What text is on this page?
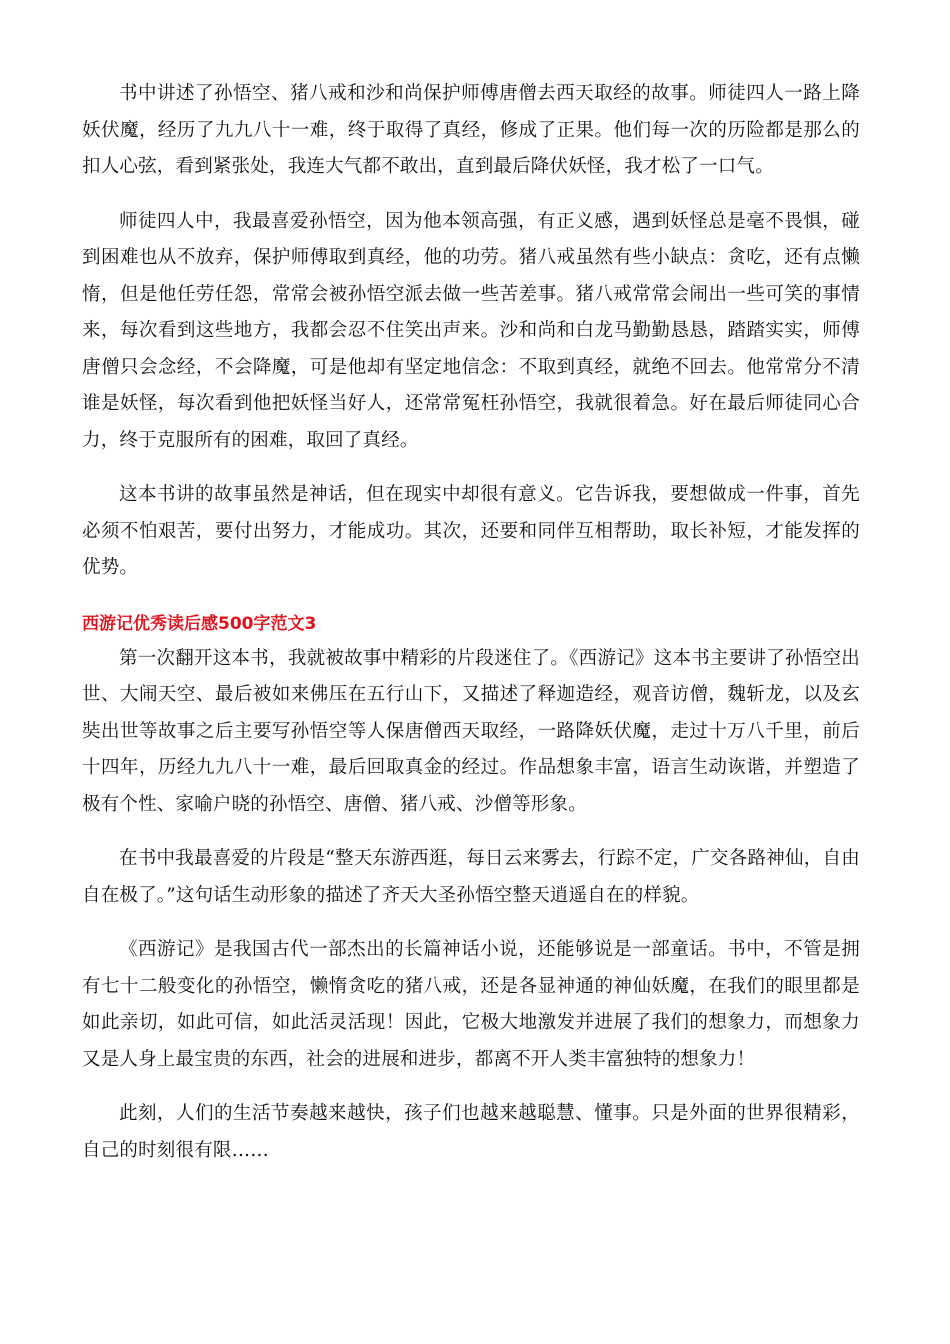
书中讲述了孙悟空、猪八戒和沙和尚保护师傅唐僧去西天取经的故事。师徒四人一路上降妖伏魔，经历了九九八十一难，终于取得了真经，修成了正果。他们每一次的历险都是那么的扣人心弦，看到紧张处，我连大气都不敢出，直到最后降伏妖怪，我才松了一口气。

师徒四人中，我最喜爱孙悟空，因为他本领高强，有正义感，遇到妖怪总是毫不畏惧，碰到困难也从不放弃，保护师傅取到真经，他的功劳。猪八戒虽然有些小缺点：贪吃，还有点懒惰，但是他任劳任怨，常常会被孙悟空派去做一些苦差事。猪八戒常常会闹出一些可笑的事情来，每次看到这些地方，我都会忍不住笑出声来。沙和尚和白龙马勤勤恳恳，踏踏实实，师傅唐僧只会念经，不会降魔，可是他却有坚定地信念：不取到真经，就绝不回去。他常常分不清谁是妖怪，每次看到他把妖怪当好人，还常常冤枉孙悟空，我就很着急。好在最后师徒同心合力，终于克服所有的困难，取回了真经。

这本书讲的故事虽然是神话，但在现实中却很有意义。它告诉我，要想做成一件事，首先必须不怕艰苦，要付出努力，才能成功。其次，还要和同伴互相帮助，取长补短，才能发挥的优势。

西游记优秀读后感500字范文3

第一次翻开这本书，我就被故事中精彩的片段迷住了。《西游记》这本书主要讲了孙悟空出世、大闹天空、最后被如来佛压在五行山下，又描述了释迦造经，观音访僧，魏斩龙，以及玄奘出世等故事之后主要写孙悟空等人保唐僧西天取经，一路降妖伏魔，走过十万八千里，前后十四年，历经九九八十一难，最后回取真金的经过。作品想象丰富，语言生动诙谐，并塑造了极有个性、家喻户晓的孙悟空、唐僧、猪八戒、沙僧等形象。

在书中我最喜爱的片段是“整天东游西逛，每日云来雾去，行踪不定，广交各路神仙，自由自在极了。”这句话生动形象的描述了齐天大圣孙悟空整天逍遥自在的样貌。

《西游记》是我国古代一部杰出的长篇神话小说，还能够说是一部童话。书中，不管是拥有七十二般变化的孙悟空，懒惰贪吃的猪八戒，还是各显神通的神仙妖魔，在我们的眼里都是如此亲切，如此可信，如此活灵活现！因此，它极大地激发并进展了我们的想象力，而想象力又是人身上最宝贵的东西，社会的进展和进步，都离不开人类丰富独特的想象力！

此刻，人们的生活节奏越来越快，孩子们也越来越聪慧、懂事。只是外面的世界很精彩，自己的时刻很有限……
